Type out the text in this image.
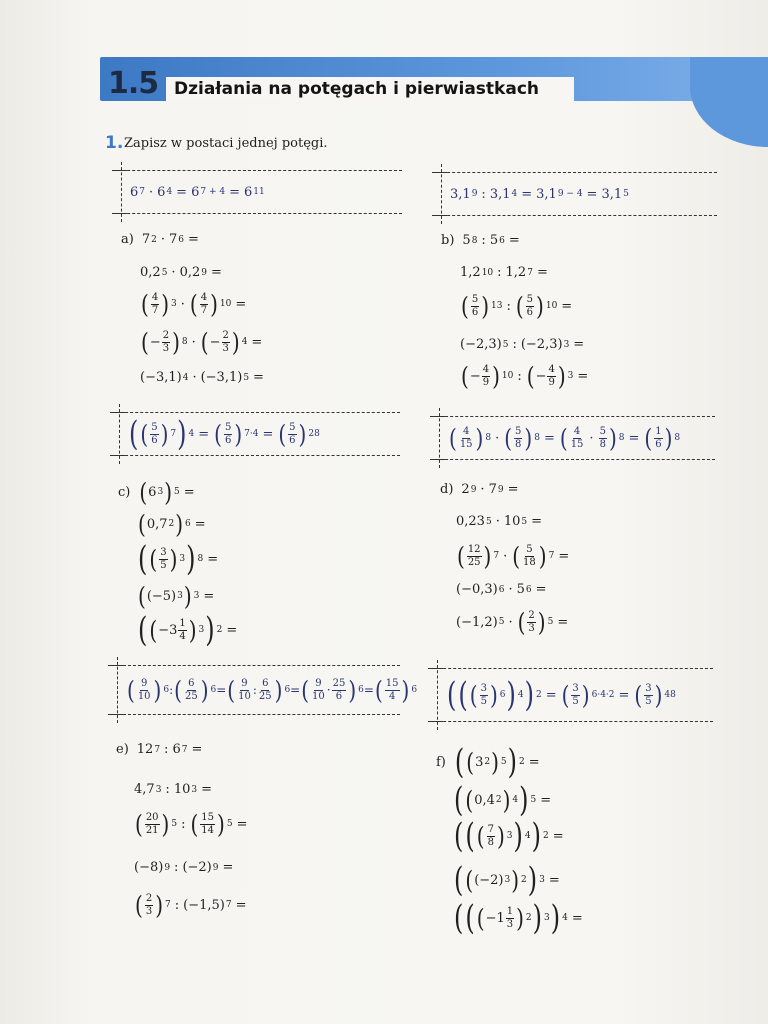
1.5 Działania na potęgach i pierwiastkach
1. Zapisz w postaci jednej potęgi.
6 7 · 6 4 = 6 7 + 4 = 6 11	3,1 9 : 3,1 4 = 3,1 9 − 4 = 3,1 5
a) 7 2 · 7 6 =
0,2 5 · 0,2 9 =
( 4
7 ) 3 · ( 4
7 ) 10 =
( − 2
3 ) 8 · ( − 2
3 ) 4 =
(−3,1) 4 · (−3,1) 5 =
b) 5 8 : 5 6 =
1,2 10 : 1,2 7 =
( 5
6 ) 13 : ( 5
6 ) 10 =
(−2,3) 5 : (−2,3) 3 =
( − 4
9 ) 10 : ( − 4
9 ) 3 =
( ( 5
6 ) 7 ) 4 = ( 5
6 ) 7·4 = ( 5
6 ) 28	( 4
15 ) 8 · ( 5
8 ) 8 = ( 4
15 · 5
8 ) 8 = ( 1
6 ) 8
c) ( 6 3 ) 5 =
( 0,7 2 ) 6 =
( ( 3
5 ) 3 ) 8 =
( (−5) 3 ) 3 =
( ( −3 1
4 ) 3 ) 2 =
d) 2 9 · 7 9 =
0,23 5 · 10 5 =
( 12
25 ) 7 · ( 5
18 ) 7 =
(−0,3) 6 · 5 6 =
(−1,2) 5 · ( 2
3 ) 5 =
( 9
10 ) 6 : ( 6
25 ) 6 = ( 9
10 : 6
25 ) 6 = ( 9
10 · 25
6 ) 6 = ( 15
4 ) 6 ( ( ( 3
5 ) 6 ) 4 ) 2 = ( 3
5 ) 6·4·2 = ( 3
5 ) 48
e) 12 7 : 6 7 =
4,7 3 : 10 3 =
( 20
21 ) 5 : ( 15
14 ) 5 =
(−8) 9 : (−2) 9 =
( 2
3 ) 7 : (−1,5) 7 =
f) ( ( 3 2 ) 5 ) 2 =
( ( 0,4 2 ) 4 ) 5 =
( ( ( 7
8 ) 3 ) 4 ) 2 =
( ( (−2) 3 ) 2 ) 3 =
( ( ( −1 1
3 ) 2 ) 3 ) 4 =
